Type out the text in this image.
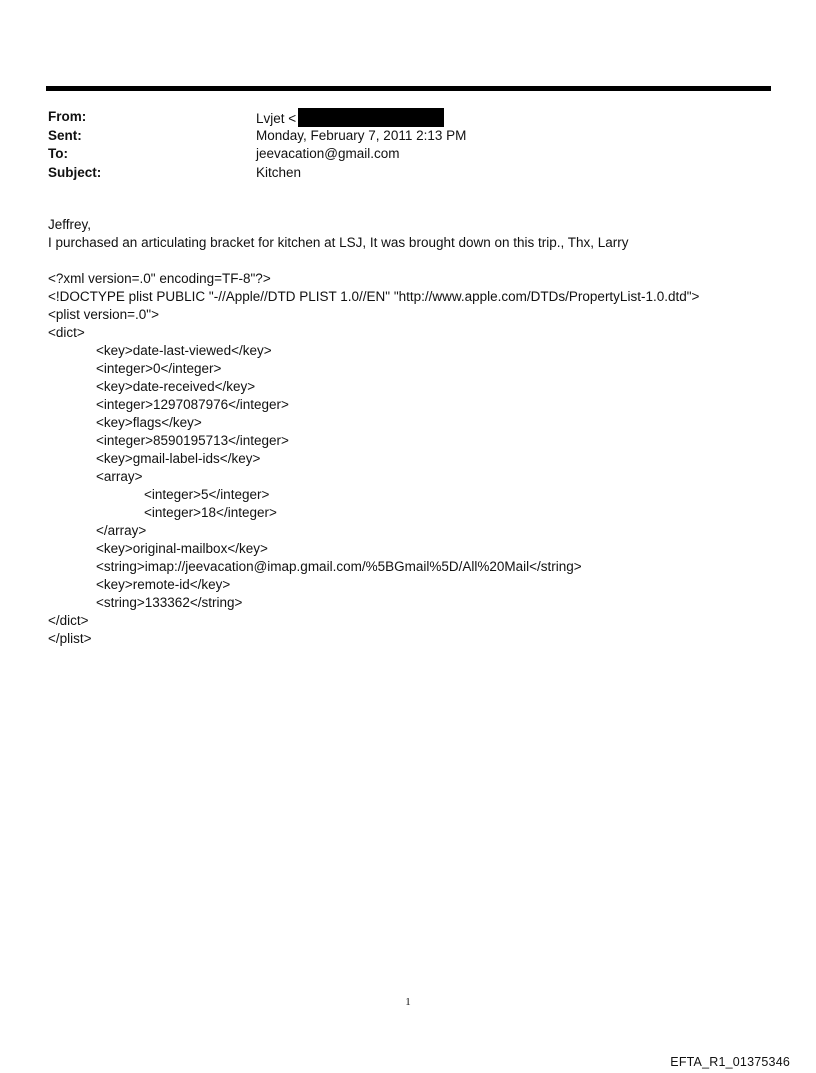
From:	Lvjet <
Sent:	Monday, February 7, 2011 2:13 PM
To:	jeevacation@gmail.com
Subject:	Kitchen

Jeffrey,

I purchased an articulating bracket for kitchen at LSJ, It was brought down on this trip., Thx, Larry

<?xml version=.0" encoding=TF-8"?>
<!DOCTYPE plist PUBLIC "-//Apple//DTD PLIST 1.0//EN" "http://www.apple.com/DTDs/PropertyList-1.0.dtd">
<plist version=.0">
<dict>
<key>date-last-viewed</key>
<integer>0</integer>
<key>date-received</key>
<integer>1297087976</integer>
<key>flags</key>
<integer>8590195713</integer>
<key>gmail-label-ids</key>
<array>
<integer>5</integer>
<integer>18</integer>
</array>
<key>original-mailbox</key>
<string>imap://jeevacation@imap.gmail.com/%5BGmail%5D/All%20Mail</string>
<key>remote-id</key>
<string>133362</string>
</dict>
</plist>
1
EFTA_R1_01375346
